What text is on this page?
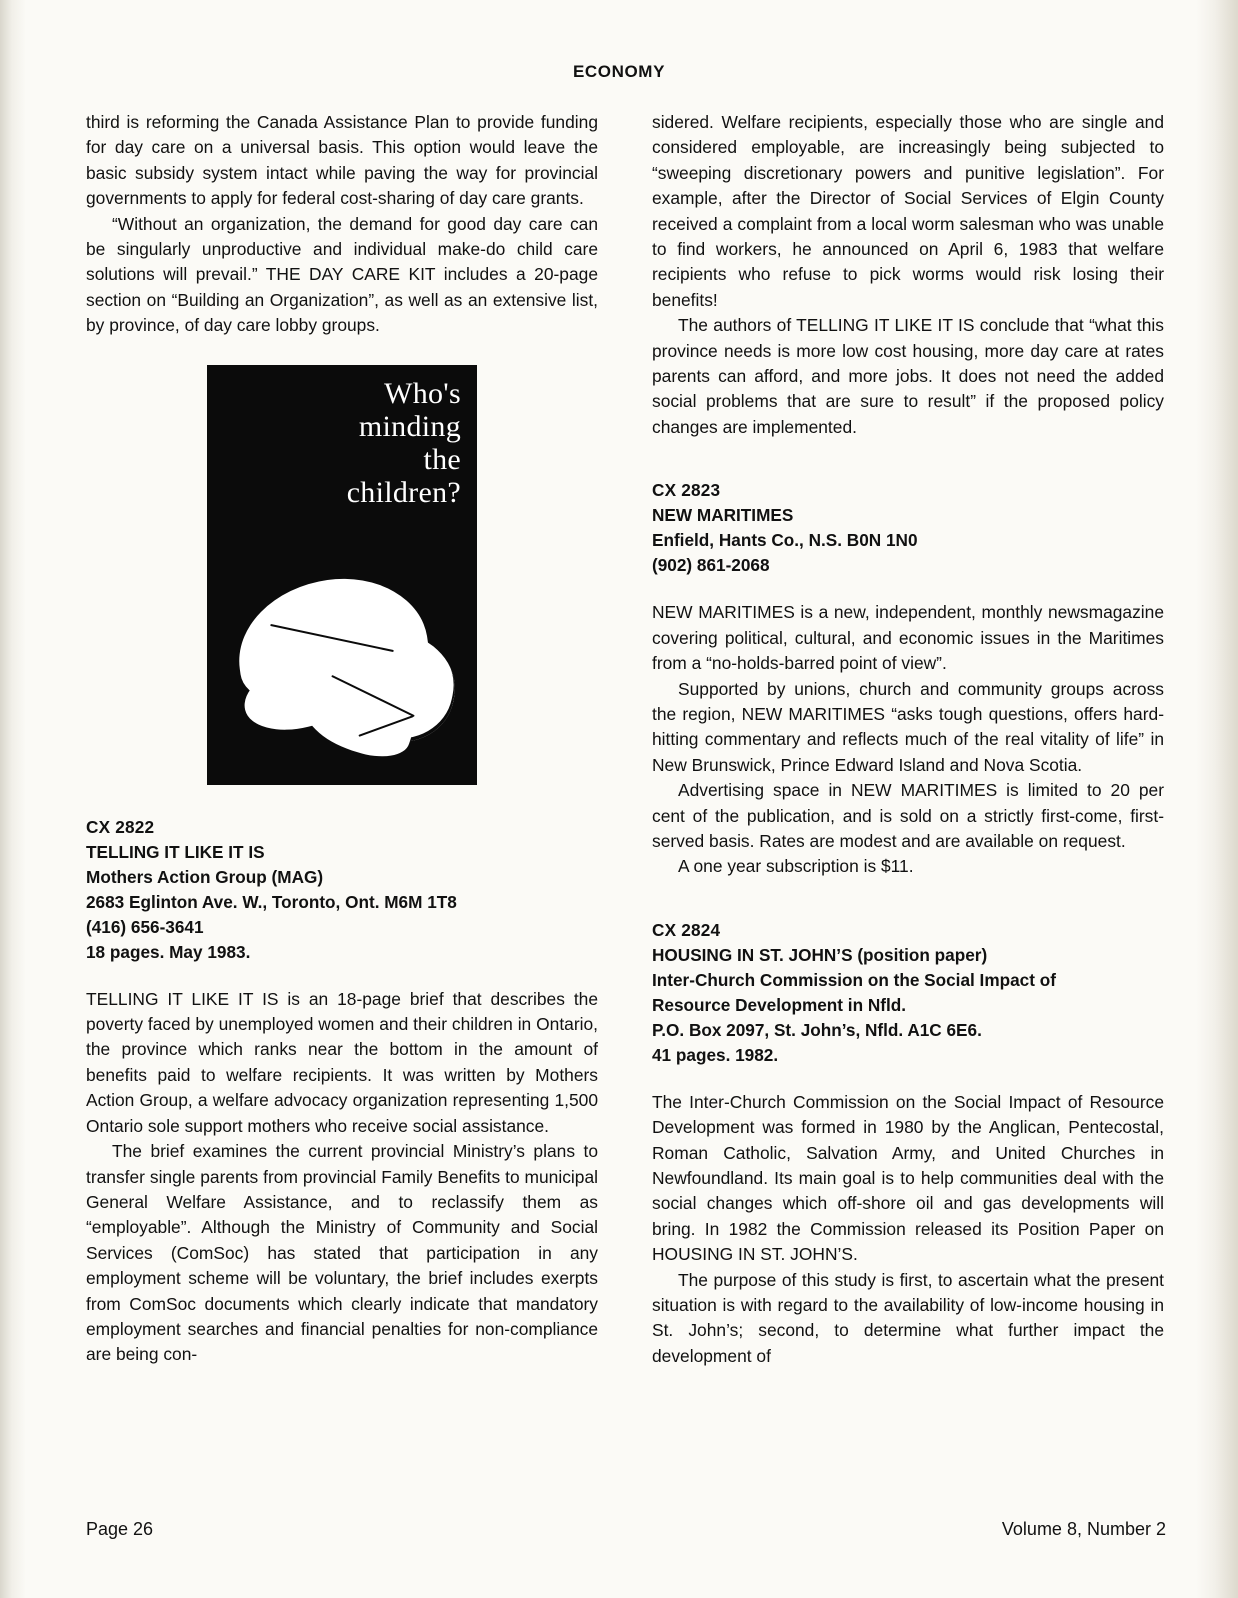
ECONOMY

third is reforming the Canada Assistance Plan to provide funding for day care on a universal basis. This option would leave the basic subsidy system intact while paving the way for provincial governments to apply for federal cost-sharing of day care grants.

“Without an organization, the demand for good day care can be singularly unproductive and individual make-do child care solutions will prevail.” THE DAY CARE KIT includes a 20-page section on “Building an Organization”, as well as an extensive list, by province, of day care lobby groups.

Who's
minding
the
children?
CX 2822
TELLING IT LIKE IT IS
Mothers Action Group (MAG)
2683 Eglinton Ave. W., Toronto, Ont. M6M 1T8
(416) 656-3641
18 pages. May 1983.

TELLING IT LIKE IT IS is an 18-page brief that describes the poverty faced by unemployed women and their children in Ontario, the province which ranks near the bottom in the amount of benefits paid to welfare recipients. It was written by Mothers Action Group, a welfare advocacy organization representing 1,500 Ontario sole support mothers who receive social assistance.

The brief examines the current provincial Ministry’s plans to transfer single parents from provincial Family Benefits to municipal General Welfare Assistance, and to reclassify them as “employable”. Although the Ministry of Community and Social Services (ComSoc) has stated that participation in any employment scheme will be voluntary, the brief includes exerpts from ComSoc documents which clearly indicate that mandatory employment searches and financial penalties for non-compliance are being con-

sidered. Welfare recipients, especially those who are single and considered employable, are increasingly being subjected to “sweeping discretionary powers and punitive legislation”. For example, after the Director of Social Services of Elgin County received a complaint from a local worm salesman who was unable to find workers, he announced on April 6, 1983 that welfare recipients who refuse to pick worms would risk losing their benefits!

The authors of TELLING IT LIKE IT IS conclude that “what this province needs is more low cost housing, more day care at rates parents can afford, and more jobs. It does not need the added social problems that are sure to result” if the proposed policy changes are implemented.

CX 2823
NEW MARITIMES
Enfield, Hants Co., N.S. B0N 1N0
(902) 861-2068

NEW MARITIMES is a new, independent, monthly newsmagazine covering political, cultural, and economic issues in the Maritimes from a “no-holds-barred point of view”.

Supported by unions, church and community groups across the region, NEW MARITIMES “asks tough questions, offers hard-hitting commentary and reflects much of the real vitality of life” in New Brunswick, Prince Edward Island and Nova Scotia.

Advertising space in NEW MARITIMES is limited to 20 per cent of the publication, and is sold on a strictly first-come, first-served basis. Rates are modest and are available on request.

A one year subscription is $11.

CX 2824
HOUSING IN ST. JOHN’S (position paper)
Inter-Church Commission on the Social Impact of
Resource Development in Nfld.
P.O. Box 2097, St. John’s, Nfld. A1C 6E6.
41 pages. 1982.

The Inter-Church Commission on the Social Impact of Resource Development was formed in 1980 by the Anglican, Pentecostal, Roman Catholic, Salvation Army, and United Churches in Newfoundland. Its main goal is to help communities deal with the social changes which off-shore oil and gas developments will bring. In 1982 the Commission released its Position Paper on HOUSING IN ST. JOHN’S.

The purpose of this study is first, to ascertain what the present situation is with regard to the availability of low-income housing in St. John’s; second, to determine what further impact the development of

Page 26	Volume 8, Number 2
